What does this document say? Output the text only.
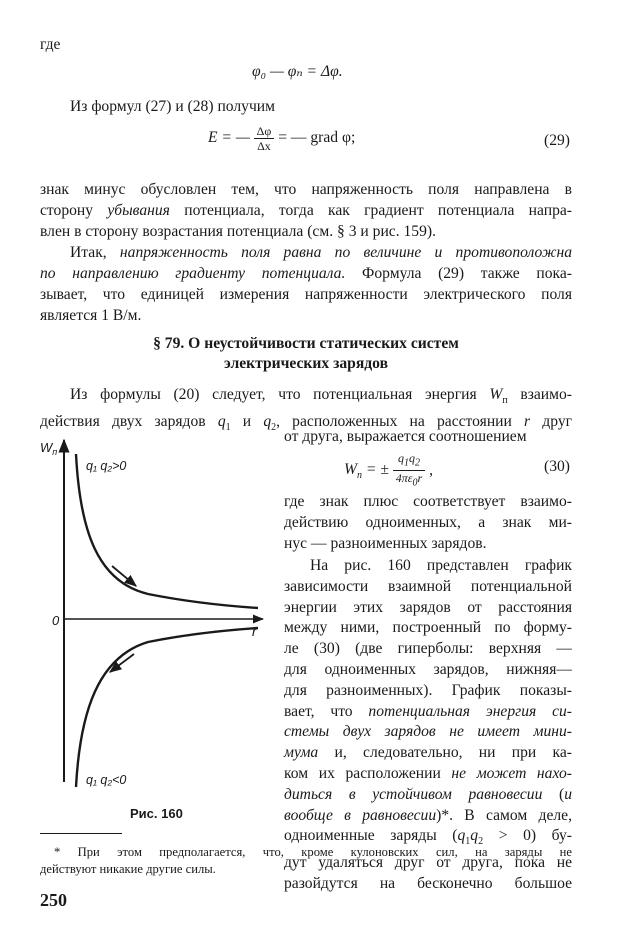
где
φ₀ — φₙ = Δφ.
Из формул (27) и (28) получим
E = — $\frac{\Delta\varphi}{\Delta x}$ = — grad φ;	(29)
знак минус обусловлен тем, что напряженность поля направлена в
сторону убывания потенциала, тогда как градиент потенциала напра-
влен в сторону возрастания потенциала (см. § 3 и рис. 159).
Итак, напряженность поля равна по величине и противоположна
по направлению градиенту потенциала. Формула (29) также пока-
зывает, что единицей измерения напряженности электрического поля
является 1 В/м.
§ 79. О неустойчивости статических систем
электрических зарядов
Из формулы (20) следует, что потенциальная энергия $W_п$ взаимо-
действия двух зарядов $q_1$ и $q_2$, расположенных на расстоянии r друг
от друга, выражается соотношением
$W_п$ = ± $\frac{q_1q_2}{4\pi\varepsilon_0r}$ ,	(30)
где знак плюс соответствует взаимо-
действию одноименных, а знак ми-
нус — разноименных зарядов.
На рис. 160 представлен график
зависимости взаимной потенциальной
энергии этих зарядов от расстояния
между ними, построенный по форму-
ле (30) (две гиперболы: верхняя —
для одноименных зарядов, нижняя—
для разноименных). График показы-
вает, что потенциальная энергия си-
стемы двух зарядов не имеет мини-
мума и, следовательно, ни при ка-
ком их расположении не может нахо-
диться в устойчивом равновесии (и
вообще в равновесии)*. В самом деле,
одноименные заряды $(q_1q_2 > 0)$ бу-
дут удаляться друг от друга, пока не
разойдутся на бесконечно большое
$W_п$
0
r
q₁ q₂>0
q₁ q₂<0
Рис. 160
* При этом предполагается, что, кроме кулоновских сил, на заряды не
действуют никакие другие силы.
250
